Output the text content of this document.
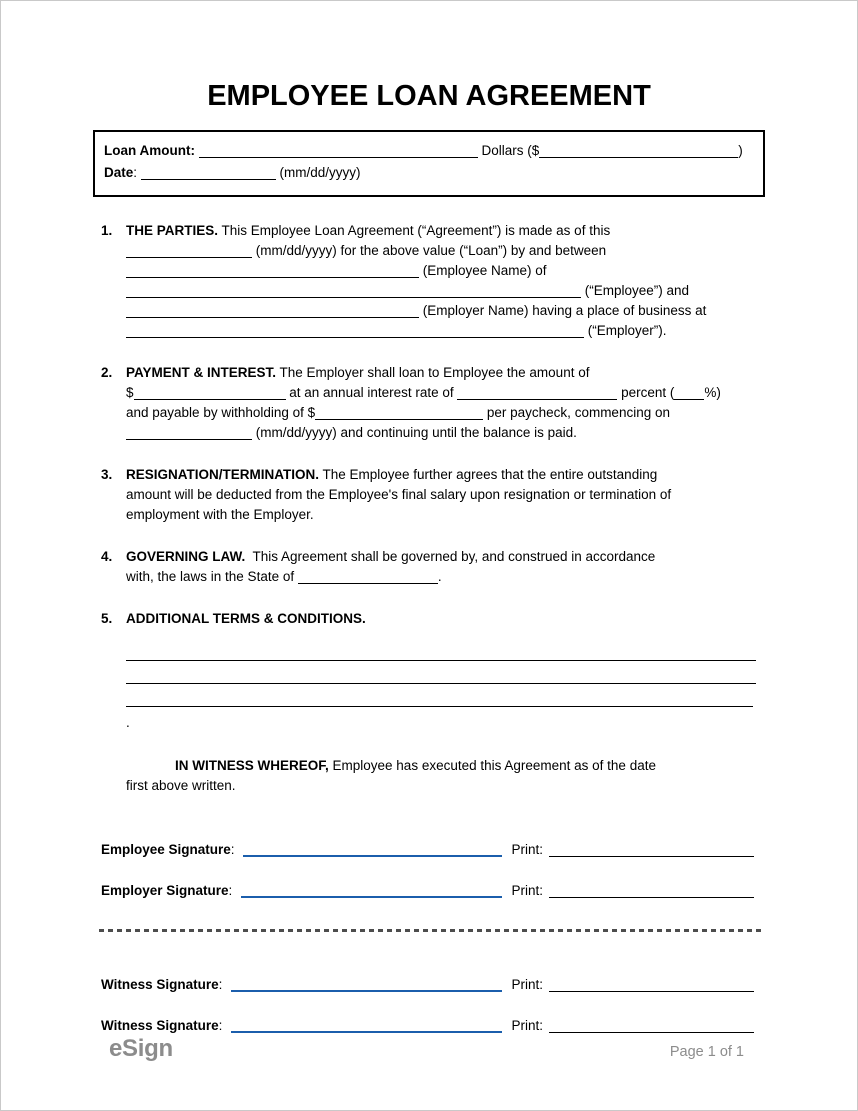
EMPLOYEE LOAN AGREEMENT
Loan Amount:	Dollars ($	)
Date:	(mm/dd/yyyy)
1.	THE PARTIES. This Employee Loan Agreement (“Agreement”) is made as of this
(mm/dd/yyyy) for the above value (“Loan”) by and between
(Employee Name) of
(“Employee”) and
(Employer Name) having a place of business at
(“Employer”).
2.	PAYMENT & INTEREST. The Employer shall loan to Employee the amount of
$	at an annual interest rate of	percent ( %)
and payable by withholding of $	per paycheck, commencing on
(mm/dd/yyyy) and continuing until the balance is paid.
3.	RESIGNATION/TERMINATION. The Employee further agrees that the entire outstanding
amount will be deducted from the Employee's final salary upon resignation or termination of
employment with the Employer.
4.	GOVERNING LAW.  This Agreement shall be governed by, and construed in accordance
with, the laws in the State of	.
5.	ADDITIONAL TERMS & CONDITIONS.
.
IN WITNESS WHEREOF, Employee has executed this Agreement as of the date
first above written.
Employee Signature :	Print:
Employer Signature :	Print:
Witness Signature :	Print:
Witness Signature :	Print:
eSign	Page 1 of 1
